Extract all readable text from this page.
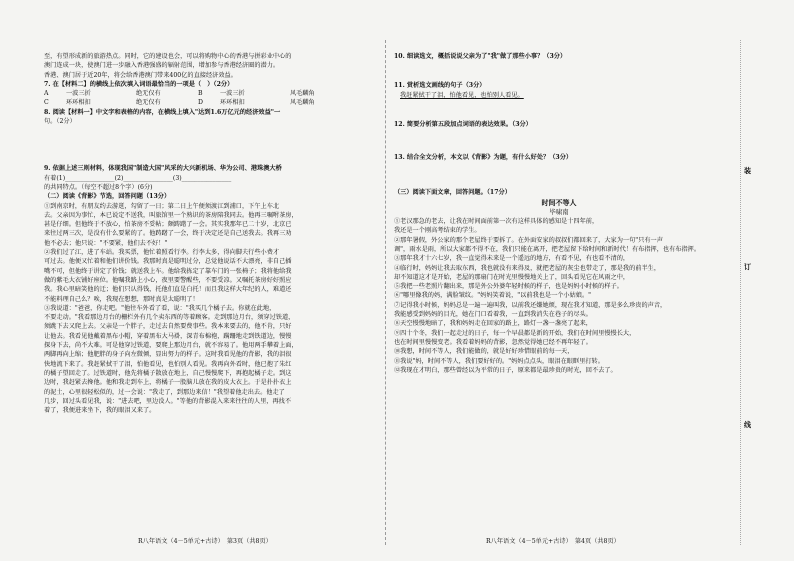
至，有望形成新的旅游热点。同时，它的建设也会，可以将购物中心的香港与拼彩业中心的
澳门连成一块，使澳门进一步融入香港强盛的辐射范围，增加参与香港经济圈的潜力。
香港、澳门居于近20年，将会给香港澳门带来400亿的直接经济效益。
7. 在【材料二】的横线上依次填入词语最恰当的一项是（　）（2分）
A	一波三折	绝无仅有	B	一波三折	风毛麟角
C	环环相扣	绝无仅有	D	环环相扣	风毛麟角
8. 阅读【材料一】中文字和表格的内容，在横线上填入"达到1.6万亿元的经济效益"一
句。（2分）
9. 依据上述三则材料，体现我国"制造大国"风采的大兴新机场、华为公司、港珠澳大桥
有着(1)________________(2)________________(3)________________
的共同特点。（每空不超过8个字）(6分)
（二）阅读《背影》节选，回答问题（13分）
①到南京时，有朋友约去游逛，勾留了一日；第二日上午便须渡江到浦口，下午上车北
去。父亲因为事忙，本已说定不送我，叫旅馆里一个熟识的茶房陪我同去。他再三嘱咐茶房，
甚是仔细。但他终于不放心，怕茶房不妥帖；颇踌躇了一会。其实我那年已二十岁，北京已
来往过两三次，是没有什么要紧的了。他踌躇了一会，终于决定还是自己送我去。我再三劝
他不必去；他只说："不要紧，他们去不好！"
②我们过了江，进了车站。我买票，他忙着照看行李。行李太多，得向脚夫行些小费才
可过去。他便又忙着和他们讲价钱。我那时真是聪明过分，总觉他说话不大漂亮，非自己插
嘴不可，但他终于讲定了价钱；就送我上车。他给我拣定了靠车门的一张椅子；我将他给我
做的紫毛大衣铺好座位。他嘱我路上小心，夜里要警醒些，不要受凉。又嘱托茶房好好照应
我。我心里暗笑他的迂；他们只认得钱，托他们直是白托！而且我这样大年纪的人，难道还
不能料理自己么？唉，我现在想想，那时真是太聪明了！
③我说道："爸爸，你走吧。"他往车外看了看，说："我买几个橘子去。你就在此地，
不要走动。"我看那边月台的栅栏外有几个卖东西的等着顾客。走到那边月台，须穿过铁道，
须跳下去又爬上去。父亲是一个胖子，走过去自然要费事些。我本来要去的，他不肯，只好
让他去。我看见他戴着黑布小帽，穿着黑布大马褂，深青布棉袍，蹒跚地走到铁道边，慢慢
探身下去，尚不大难。可是他穿过铁道，要爬上那边月台，就不容易了。他用两手攀着上面，
两脚再向上缩；他肥胖的身子向左微倾，显出努力的样子。这时我看见他的背影，我的泪很
快地流下来了。我赶紧拭干了泪，怕他看见，也怕别人看见。我再向外看时，他已抱了朱红
的橘子望回走了。过铁道时，他先将橘子散放在地上，自己慢慢爬下，再抱起橘子走。到这
边时，我赶紧去搀他。他和我走到车上，将橘子一股脑儿放在我的皮大衣上。于是扑扑衣上
的泥土，心里很轻松似的，过一会说："我走了，到那边来信！"我望着他走出去。他走了
几步，回过头看见我，说："进去吧，里边没人。"等他的背影混入来来往往的人里，再找不
着了，我便进来坐下，我的眼泪又来了。
10. 细读选文，概括说说父亲为了"我"做了那些小事？（3分）
11. 赏析选文画线的句子（3分）
我赶紧拭干了泪，怕他看见，也怕别人看见。
12. 简要分析第五段加点词语的表达效果。（3分）
13. 结合全文分析，本文以《背影》为题，有什么好处？（3分）
（三）阅读下面文章，回答问题。（17分）
时间不等人
毕啸南
①老汉那急的老去，让我在时间面前第一次有这样具体的感知是十四年前，
我还是一个刚高考结束的学生。
②那年暑假，外公家的那个老屋终于要拆了。在外面安家的叔叔们都回来了，大家为一句"只有一声
调"，雨水是雨，所以大家都不得不在，我们只能在离开，把老屋留下给时间和新时代！有布指挥，也有布指挥。
③那年我才十六七岁，我一直觉得未来是一个遥远的地方，有看不见，有也看不清的，
④临行时，妈妈让我去取东西，我也就没有来得及，就把老屋的灰尘也带走了，那是我的前半生，
却不知道这才是开始，老屋的那扇门在时光里慢慢地关上了，回头看见它在风雨之中，
⑤我把一些老照片翻出来，那是外公外婆年轻时候的样子，也是妈妈小时候的样子。
⑥"哪里像我的妈，满脸皱纹。"妈妈笑着说，"以前我也是一个小姑娘。"
⑦记得我小时候，妈妈总是一遍一遍叫我，以前我还嫌她烦，现在我才知道，那是多么珍贵的声音，
我能感受到妈妈的目光，她在门口看着我，一直到我消失在巷子的尽头。
⑧天空慢慢地暗了，我和妈妈走在回家的路上，路灯一盏一盏亮了起来，
⑨四十个冬，我们一起走过的日子，每一个早晨都是新的开始，我们在时间里慢慢长大，
也在时间里慢慢变老。我看着妈妈的背影，忽然觉得她已经不再年轻了。
⑩我想，时间不等人，我们能做的，就是好好珍惜眼前的每一天，
⑪我说"妈，时间不等人，我们要好好的。"妈妈点点头，眼泪在眼眶里打转。
⑫我现在才明白，那些曾经以为平常的日子，原来都是最珍贵的时光，回不去了。
装
订
线
R八年语文（4－5单元+古诗）　第3页（共8页）	R八年语文（4－5单元+古诗）　第4页（共8页）
